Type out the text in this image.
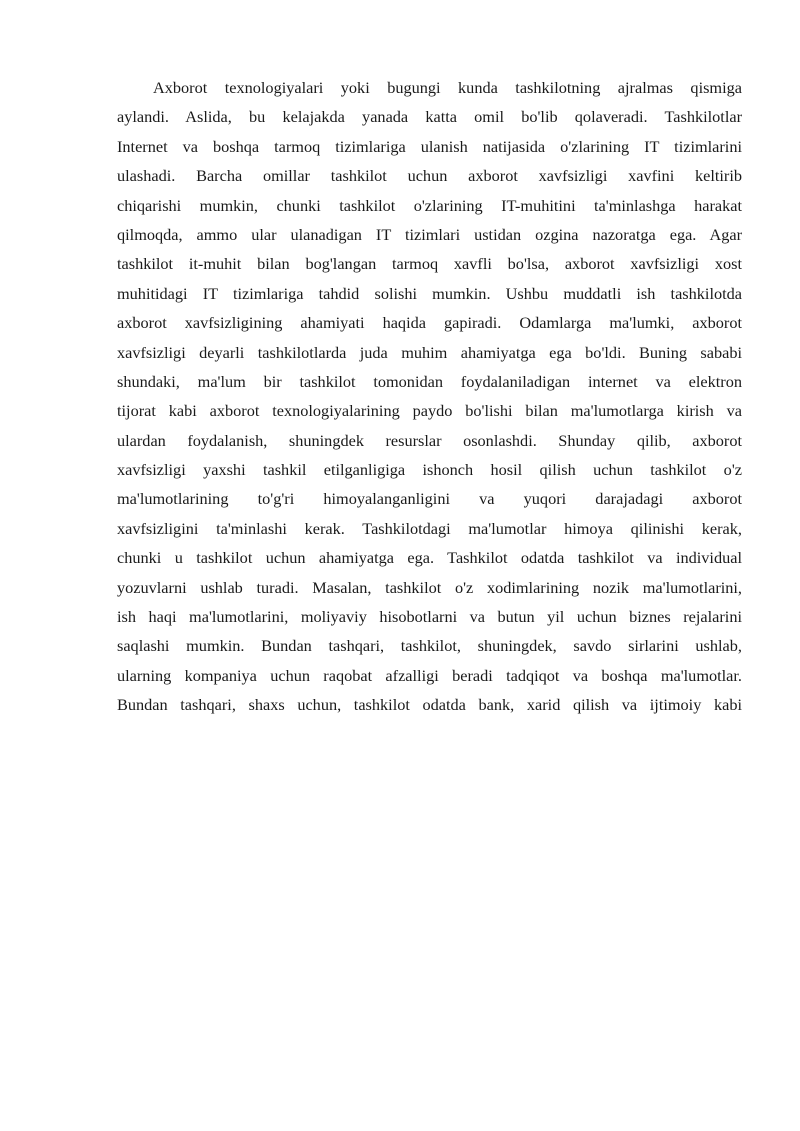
Axborot texnologiyalari yoki bugungi kunda tashkilotning ajralmas qismiga
aylandi. Aslida, bu kelajakda yanada katta omil bo'lib qolaveradi. Tashkilotlar
Internet va boshqa tarmoq tizimlariga ulanish natijasida o'zlarining IT tizimlarini
ulashadi. Barcha omillar tashkilot uchun axborot xavfsizligi xavfini keltirib
chiqarishi mumkin, chunki tashkilot o'zlarining IT-muhitini ta'minlashga harakat
qilmoqda, ammo ular ulanadigan IT tizimlari ustidan ozgina nazoratga ega. Agar
tashkilot it-muhit bilan bog'langan tarmoq xavfli bo'lsa, axborot xavfsizligi xost
muhitidagi IT tizimlariga tahdid solishi mumkin. Ushbu muddatli ish tashkilotda
axborot xavfsizligining ahamiyati haqida gapiradi. Odamlarga ma'lumki, axborot
xavfsizligi deyarli tashkilotlarda juda muhim ahamiyatga ega bo'ldi. Buning sababi
shundaki, ma'lum bir tashkilot tomonidan foydalaniladigan internet va elektron
tijorat kabi axborot texnologiyalarining paydo bo'lishi bilan ma'lumotlarga kirish va
ulardan foydalanish, shuningdek resurslar osonlashdi. Shunday qilib, axborot
xavfsizligi yaxshi tashkil etilganligiga ishonch hosil qilish uchun tashkilot o'z
ma'lumotlarining to'g'ri himoyalanganligini va yuqori darajadagi axborot
xavfsizligini ta'minlashi kerak. Tashkilotdagi ma'lumotlar himoya qilinishi kerak,
chunki u tashkilot uchun ahamiyatga ega. Tashkilot odatda tashkilot va individual
yozuvlarni ushlab turadi. Masalan, tashkilot o'z xodimlarining nozik ma'lumotlarini,
ish haqi ma'lumotlarini, moliyaviy hisobotlarni va butun yil uchun biznes rejalarini
saqlashi mumkin. Bundan tashqari, tashkilot, shuningdek, savdo sirlarini ushlab,
ularning kompaniya uchun raqobat afzalligi beradi tadqiqot va boshqa ma'lumotlar.
Bundan tashqari, shaxs uchun, tashkilot odatda bank, xarid qilish va ijtimoiy kabi
